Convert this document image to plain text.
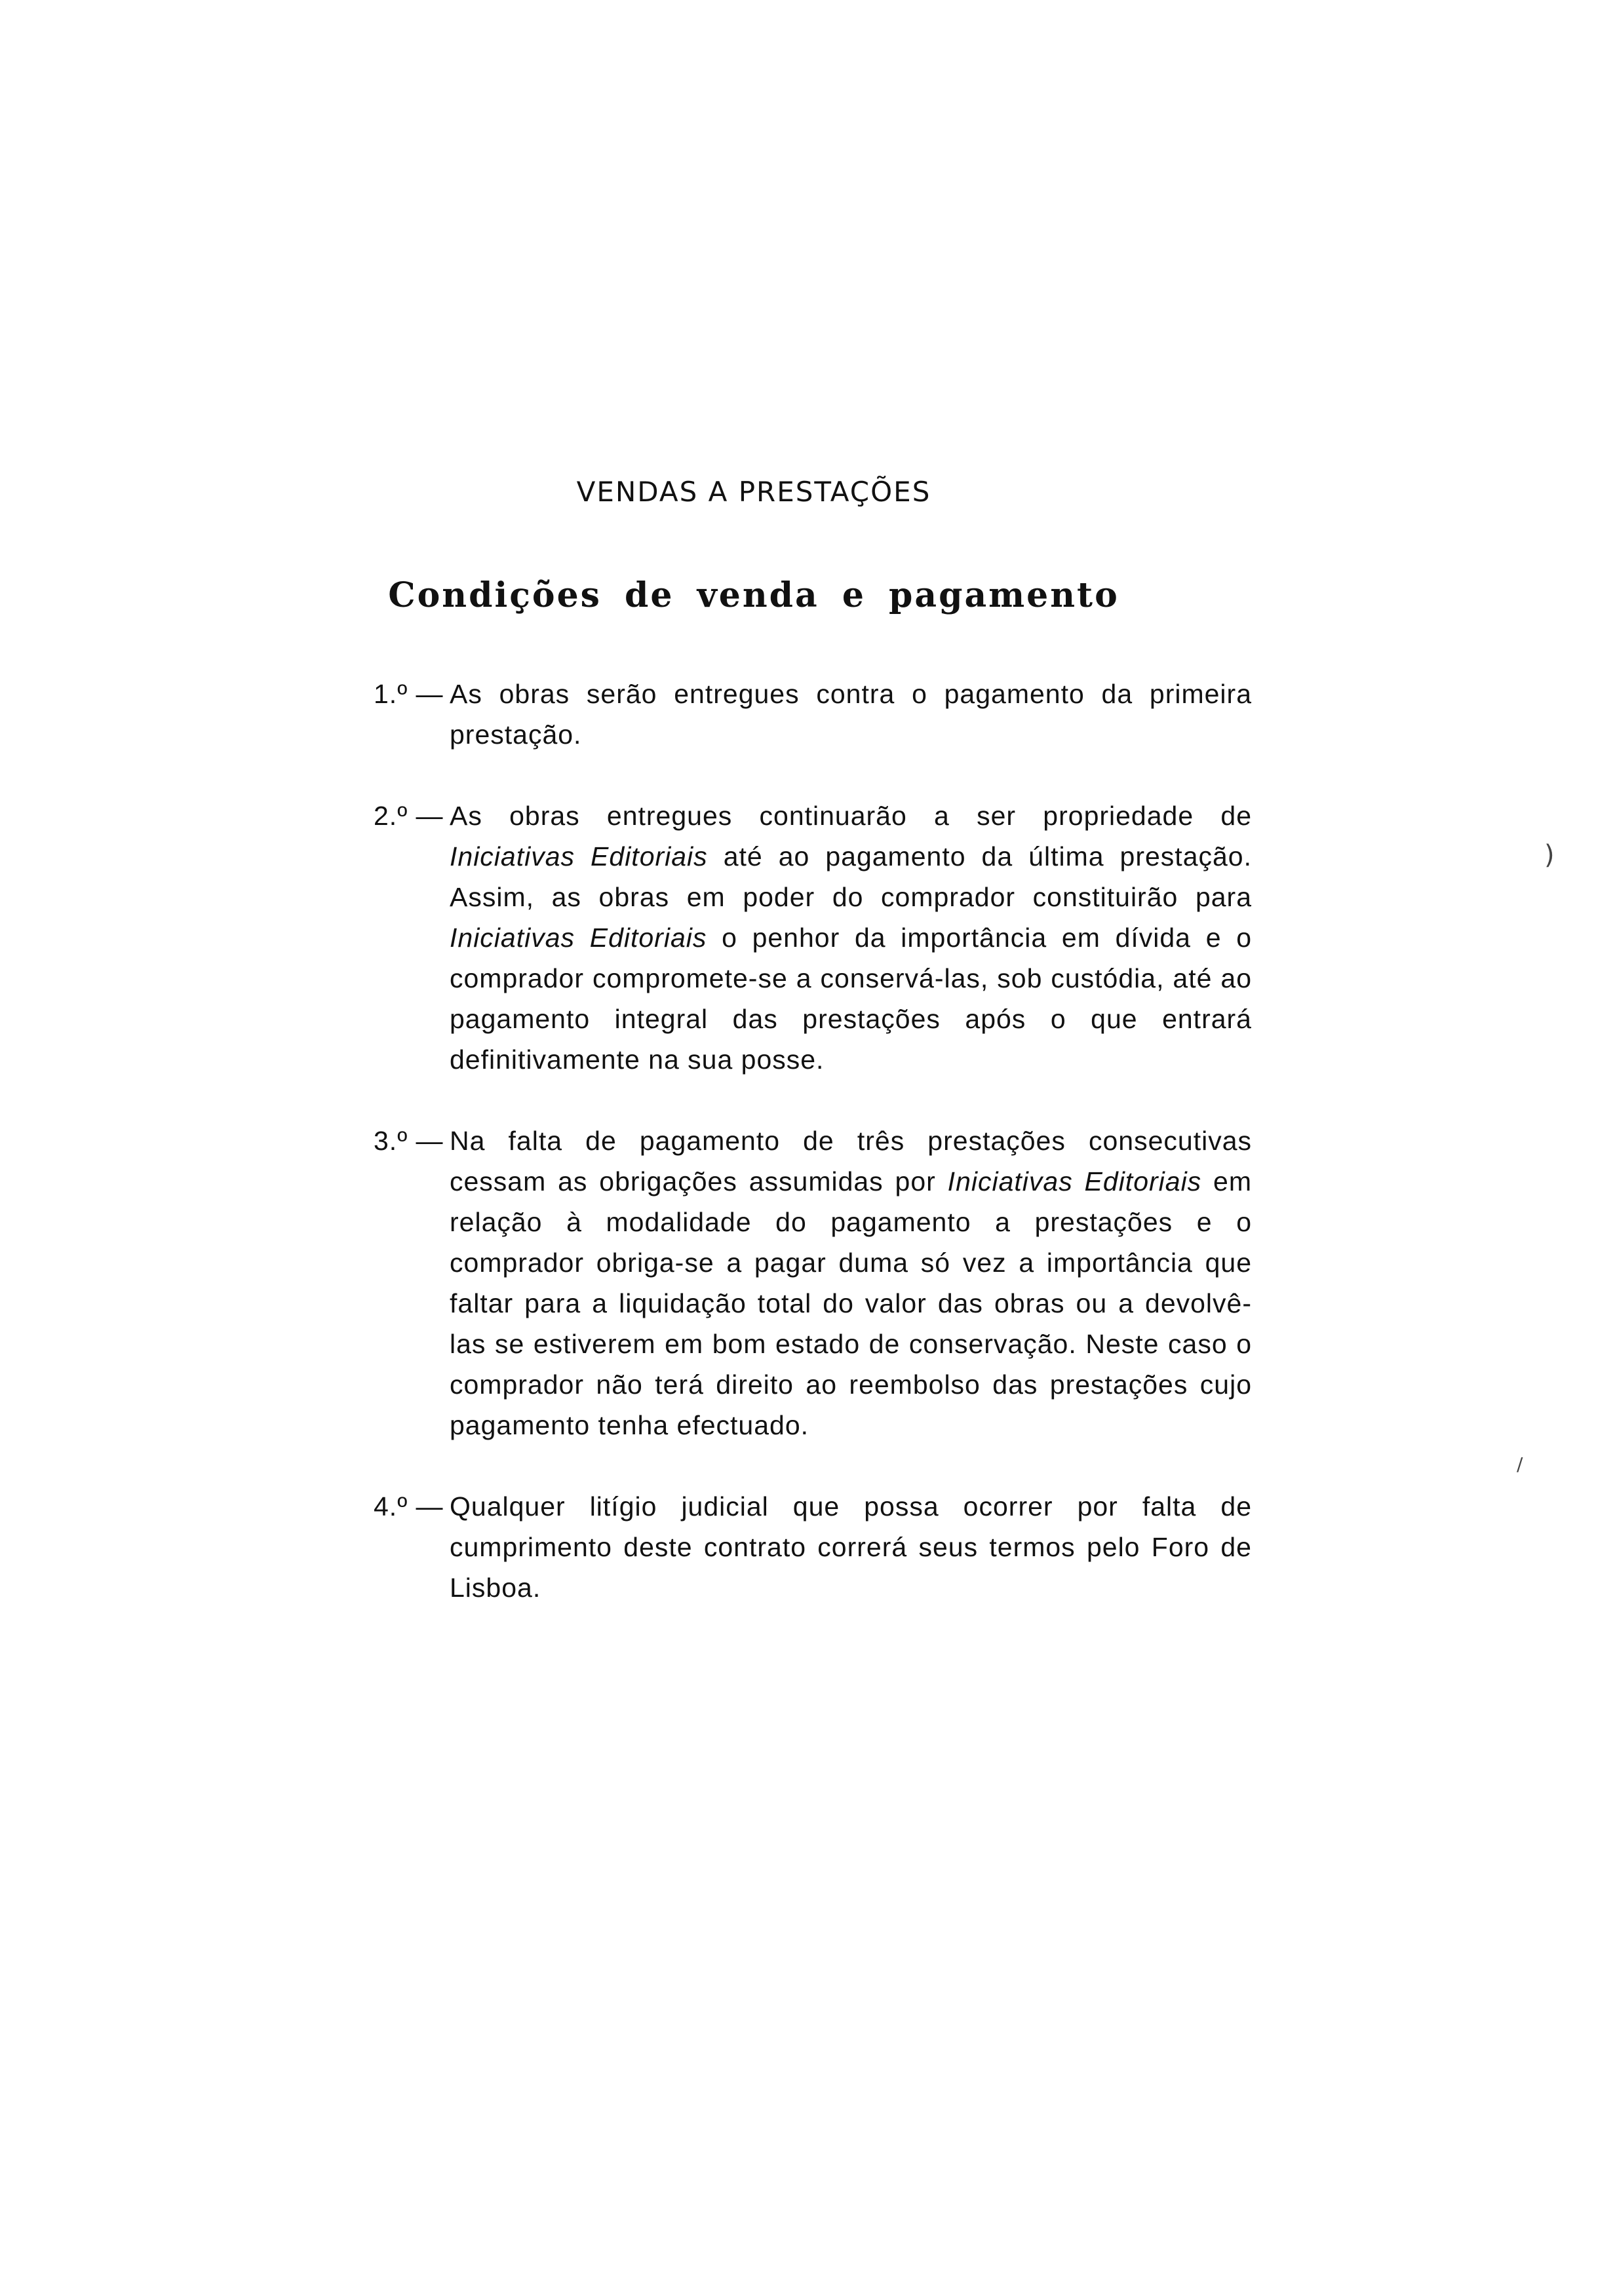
VENDAS A PRESTAÇÕES
Condições de venda e pagamento
1.º — As obras serão entregues contra o pagamento da primeira prestação.
2.º — As obras entregues continuarão a ser propriedade de Iniciativas Editoriais até ao pagamento da última prestação. Assim, as obras em poder do comprador constituirão para Iniciativas Editoriais o penhor da importância em dívida e o comprador compromete-se a conservá-las, sob custódia, até ao pagamento integral das prestações após o que entrará definitivamente na sua posse.
3.º — Na falta de pagamento de três prestações consecutivas cessam as obrigações assumidas por Iniciativas Editoriais em relação à modalidade do pagamento a prestações e o comprador obriga-se a pagar duma só vez a importância que faltar para a liquidação total do valor das obras ou a devolvê-las se estiverem em bom estado de conservação. Neste caso o comprador não terá direito ao reembolso das prestações cujo pagamento tenha efectuado.
4.º — Qualquer litígio judicial que possa ocorrer por falta de cumprimento deste contrato correrá seus termos pelo Foro de Lisboa.
)
/
